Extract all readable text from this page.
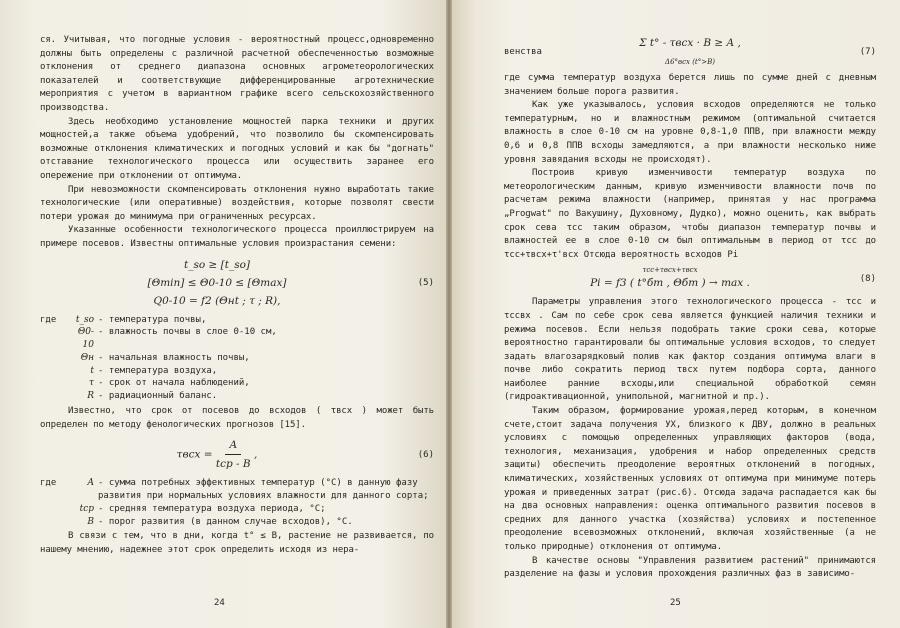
ся. Учитывая, что погодные условия - вероятностный процесс,одновременно должны быть определены с различной расчетной обеспеченностью возможные отклонения от среднего диапазона основных агрометеорологических показателей и соответствующие дифференцированные агротехнические мероприятия с учетом в вариантном графике всего сельскохозяйственного производства.

Здесь необходимо установление мощностей парка техники и других мощностей,а также объема удобрений, что позволило бы скомпенсировать возможные отклонения климатических и погодных условий и как бы "догнать" отставание технологического процесса или осуществить заранее его опережение при отклонении от оптимума.

При невозможности скомпенсировать отклонения нужно выработать такие технологические (или оперативные) воздействия, которые позволят свести потери урожая до минимума при ограниченных ресурсах.

Указанные особенности технологического процесса проиллюстрируем на примере посевов. Известны оптимальные условия произрастания семени:

t_so ≥ [t_so]
[Θmin] ≤ Θ0-10 ≤ [Θmax]	(5)
Q0-10 = f2 (Θнt ; τ ; R),
где	t_so - температура почвы,
Θ0-10
- влажность почвы в слое 0-10 см,
Θн - начальная влажность почвы,
t - температура воздуха,
τ - срок от начала наблюдений,
R - радиационный баланс.

Известно, что срок от посевов до всходов ( τвсх ) может быть определен по методу фенологических прогнозов [15].

$\tau всх = \frac{A}{\text{tcp - B}}$ ,	(6)
где	A - сумма потребных эффективных температур (°C) в данную фазу развития при нормальных условиях влажности для данного сорта;
tcp - средняя температура воздуха периода, °C;
B - порог развития (в данном случае всходов), °C.

В связи с тем, что в дни, когда t° ≤ B, растение не развивается, по нашему мнению, надежнее этот срок определить исходя из нера-

24
венства
Σ t° - τвсх · B ≥ A ,
Δ6°всх (t°>B)
(7)

где сумма температур воздуха берется лишь по сумме дней с дневным значением больше порога развития.

Как уже указывалось, условия всходов определяются не только температурным, но и влажностным режимом (оптимальной считается влажность в слое 0-10 см на уровне 0,8-1,0 ППВ, при влажности между 0,6 и 0,8 ППВ всходы замедляются, а при влажности несколько ниже уровня завядания всходы не происходят).

Построив кривую изменчивости температур воздуха по метеорологическим данным, кривую изменчивости влажности почв по расчетам режима влажности (например, принятая у нас программа „Progwat" по Вакушину, Духовному, Дудко), можно оценить, как выбрать срок сева τсс таким образом, чтобы диапазон температур почвы и влажностей ее в слое 0-10 см был оптимальным в период от τсс до τсс+τвсх+τ'всх Отсюда вероятность всходов Рi

τсс+τвсх+τвсх
Pi = f3 ( t°бт , Θбт ) → max .	(8)

Параметры управления этого технологического процесса - τсс и τссвх . Сам по себе срок сева является функцией наличия техники и режима посевов. Если нельзя подобрать такие сроки сева, которые вероятностно гарантировали бы оптимальные условия всходов, то следует задать влагозарядковый полив как фактор создания оптимума влаги в почве либо сократить период τвсх путем подбора сорта, данного наиболее ранние всходы,или специальной обработкой семян (гидроактивационной, унипольной, магнитной и пр.).

Таким образом, формирование урожая,перед которым, в конечном счете,стоит задача получения УХ, близкого к ДВУ, должно в реальных условиях с помощью определенных управляющих факторов (вода, технология, механизация, удобрения и набор определенных средств защиты) обеспечить преодоление вероятных отклонений в погодных, климатических, хозяйственных условиях от оптимума при минимуме потерь урожая и приведенных затрат (рис.6). Отсюда задача распадается как бы на два основных направления: оценка оптимального развития посевов в средних для данного участка (хозяйства) условиях и постепенное преодоление всевозможных отклонений, включая хозяйственные (а не только природные) отклонения от оптимума.

В качестве основы "Управления развитием растений" принимаются разделение на фазы и условия прохождения различных фаз в зависимо-

25
